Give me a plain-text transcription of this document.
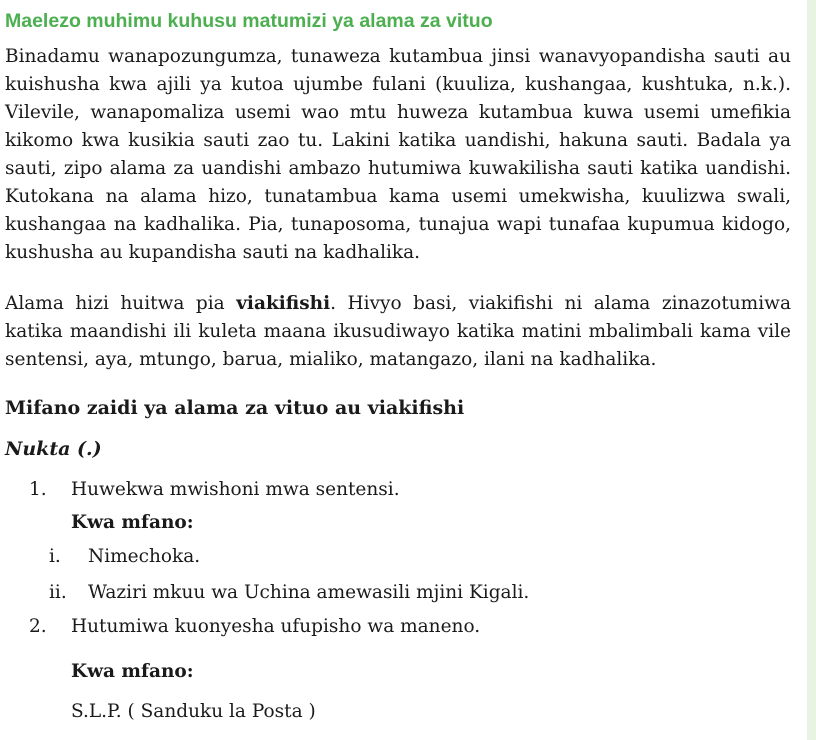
Maelezo muhimu kuhusu matumizi ya alama za vituo

Binadamu wanapozungumza, tunaweza kutambua jinsi wanavyopandisha sauti au kuishusha kwa ajili ya kutoa ujumbe fulani (kuuliza, kushangaa, kushtuka, n.k.). Vilevile, wanapomaliza usemi wao mtu huweza kutambua kuwa usemi umefikia kikomo kwa kusikia sauti zao tu. Lakini katika uandishi, hakuna sauti. Badala ya sauti, zipo alama za uandishi ambazo hutumiwa kuwakilisha sauti katika uandishi. Kutokana na alama hizo, tunatambua kama usemi umekwisha, kuulizwa swali, kushangaa na kadhalika. Pia, tunaposoma, tunajua wapi tunafaa kupumua kidogo, kushusha au kupandisha sauti na kadhalika.

Alama hizi huitwa pia viakifishi. Hivyo basi, viakifishi ni alama zinazotumiwa katika maandishi ili kuleta maana ikusudiwayo katika matini mbalimbali kama vile sentensi, aya, mtungo, barua, mialiko, matangazo, ilani na kadhalika.

Mifano zaidi ya alama za vituo au viakifishi
Nukta (.)
1. Huwekwa mwishoni mwa sentensi.
Kwa mfano:
i. Nimechoka.
ii. Waziri mkuu wa Uchina amewasili mjini Kigali.
2. Hutumiwa kuonyesha ufupisho wa maneno.
Kwa mfano:
S.L.P. ( Sanduku la Posta )
